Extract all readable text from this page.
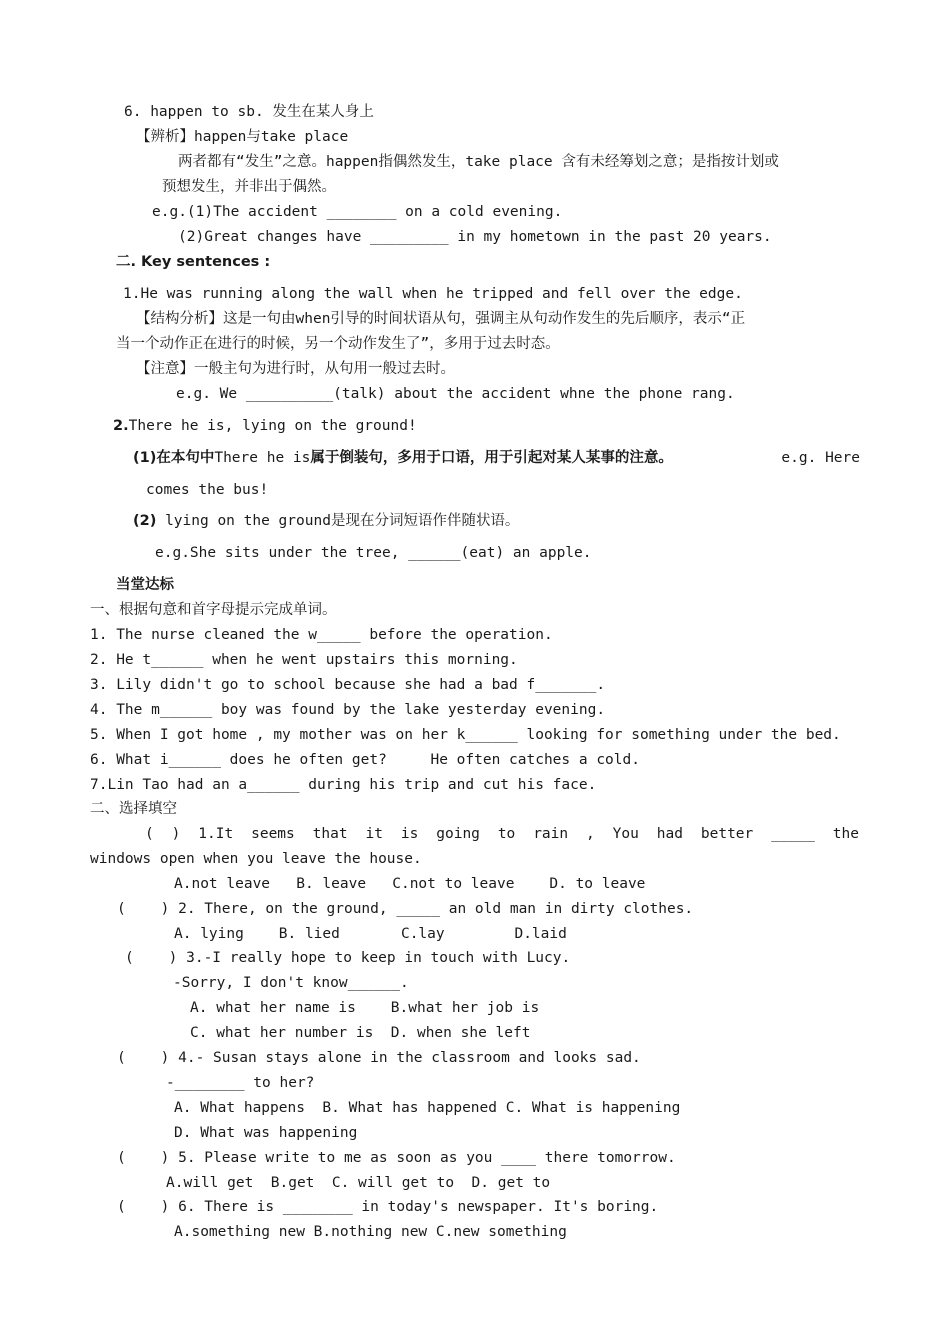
6. happen to sb. 发生在某人身上
【辨析】happen与take place
两者都有“发生”之意。happen指偶然发生，take place 含有未经筹划之意；是指按计划或
预想发生，并非出于偶然。
e.g.(1)The accident ________ on a cold evening.
(2)Great changes have _________ in my hometown in the past 20 years.
二. Key sentences :
1.He was running along the wall when he tripped and fell over the edge.
【结构分析】这是一句由when引导的时间状语从句，强调主从句动作发生的先后顺序，表示“正
当一个动作正在进行的时候，另一个动作发生了”，多用于过去时态。
【注意】一般主句为进行时，从句用一般过去时。
e.g. We __________(talk) about the accident whne the phone rang.
2.There he is, lying on the ground!
(1)在本句中There he is属于倒装句，多用于口语，用于引起对某人某事的注意。	e.g. Here
comes the bus!
(2) lying on the ground是现在分词短语作伴随状语。
e.g.She sits under the tree, ______(eat) an apple.
当堂达标
一、根据句意和首字母提示完成单词。
1. The nurse cleaned the w_____ before the operation.
2. He t______ when he went upstairs this morning.
3. Lily didn't go to school because she had a bad f_______.
4. The m______ boy was found by the lake yesterday evening.
5. When I got home , my mother was on her k______ looking for something under the bed.
6. What i______ does he often get?     He often catches a cold.
7.Lin Tao had an a______ during his trip and cut his face.
二、选择填空
( ) 1.It seems that it is going to rain , You had better _____ the
windows open when you leave the house.
A.not leave   B. leave   C.not to leave    D. to leave
(    ) 2. There, on the ground, _____ an old man in dirty clothes.
A. lying    B. lied       C.lay        D.laid
(    ) 3.-I really hope to keep in touch with Lucy.
-Sorry, I don't know______.
A. what her name is    B.what her job is
C. what her number is  D. when she left
(    ) 4.- Susan stays alone in the classroom and looks sad.
-________ to her?
A. What happens  B. What has happened C. What is happening
D. What was happening
(    ) 5. Please write to me as soon as you ____ there tomorrow.
A.will get  B.get  C. will get to  D. get to
(    ) 6. There is ________ in today's newspaper. It's boring.
A.something new B.nothing new C.new something
